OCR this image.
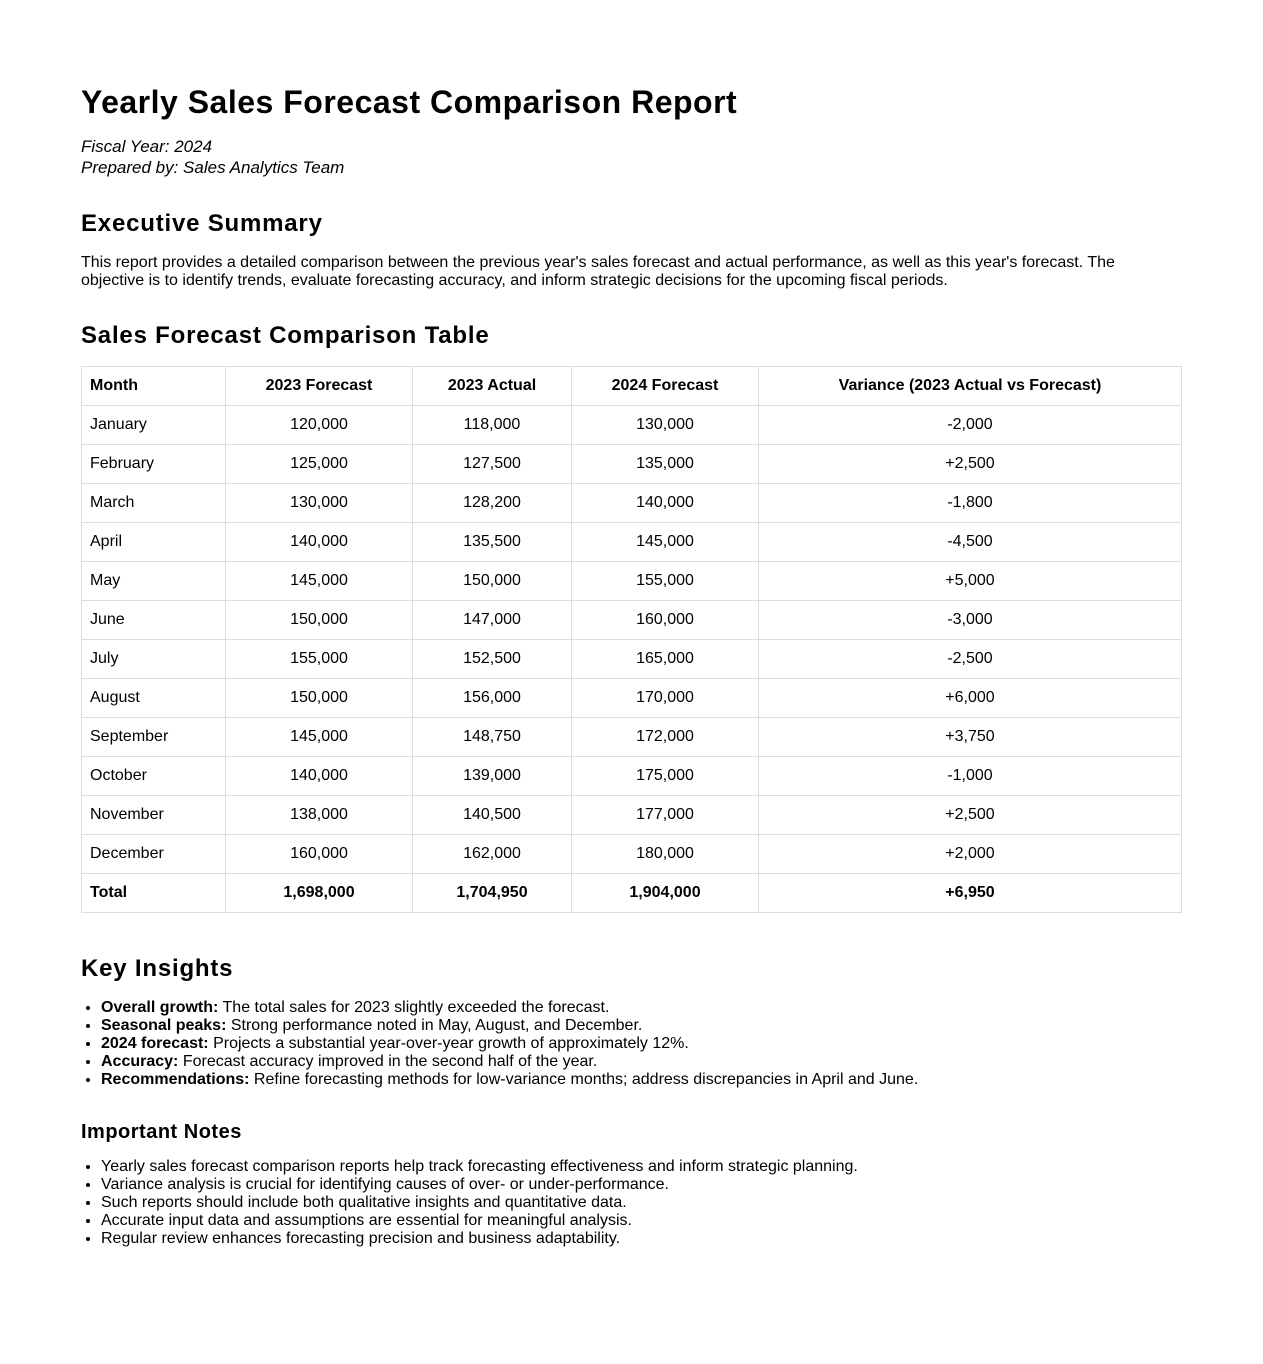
Yearly Sales Forecast Comparison Report
Fiscal Year: 2024
Prepared by: Sales Analytics Team
Executive Summary

This report provides a detailed comparison between the previous year's sales forecast and actual performance, as well as this year's forecast. The objective is to identify trends, evaluate forecasting accuracy, and inform strategic decisions for the upcoming fiscal periods.

Sales Forecast Comparison Table
Month	2023 Forecast	2023 Actual	2024 Forecast	Variance (2023 Actual vs Forecast)
January	120,000	118,000	130,000	-2,000
February	125,000	127,500	135,000	+2,500
March	130,000	128,200	140,000	-1,800
April	140,000	135,500	145,000	-4,500
May	145,000	150,000	155,000	+5,000
June	150,000	147,000	160,000	-3,000
July	155,000	152,500	165,000	-2,500
August	150,000	156,000	170,000	+6,000
September	145,000	148,750	172,000	+3,750
October	140,000	139,000	175,000	-1,000
November	138,000	140,500	177,000	+2,500
December	160,000	162,000	180,000	+2,000
Total	1,698,000	1,704,950	1,904,000	+6,950
Key Insights
• Overall growth: The total sales for 2023 slightly exceeded the forecast.
• Seasonal peaks: Strong performance noted in May, August, and December.
• 2024 forecast: Projects a substantial year-over-year growth of approximately 12%.
• Accuracy: Forecast accuracy improved in the second half of the year.
• Recommendations: Refine forecasting methods for low-variance months; address discrepancies in April and June.
Important Notes
• Yearly sales forecast comparison reports help track forecasting effectiveness and inform strategic planning.
• Variance analysis is crucial for identifying causes of over- or under-performance.
• Such reports should include both qualitative insights and quantitative data.
• Accurate input data and assumptions are essential for meaningful analysis.
• Regular review enhances forecasting precision and business adaptability.
